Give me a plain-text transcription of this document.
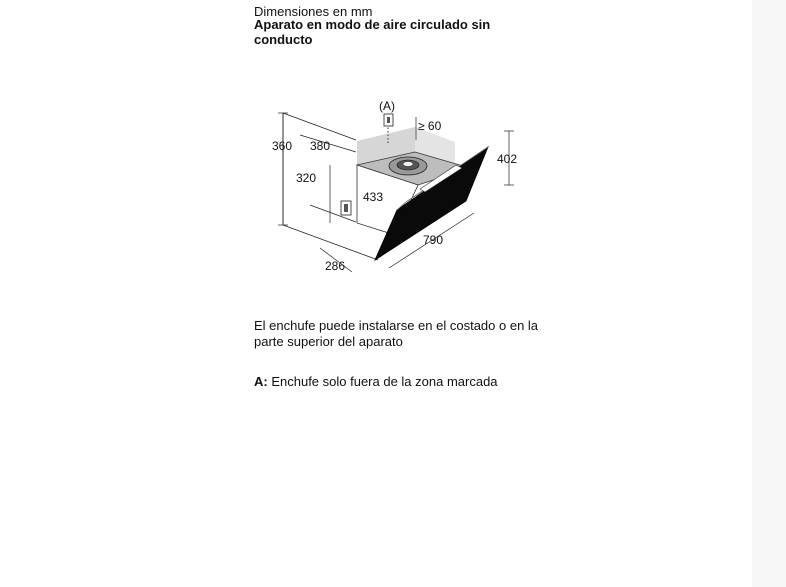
Dimensiones en mm
Aparato en modo de aire circulado sin conducto
(A)
≥ 60
360 380
320
433
402
790
286
El enchufe puede instalarse en el costado o en la parte superior del aparato
A: Enchufe solo fuera de la zona marcada
